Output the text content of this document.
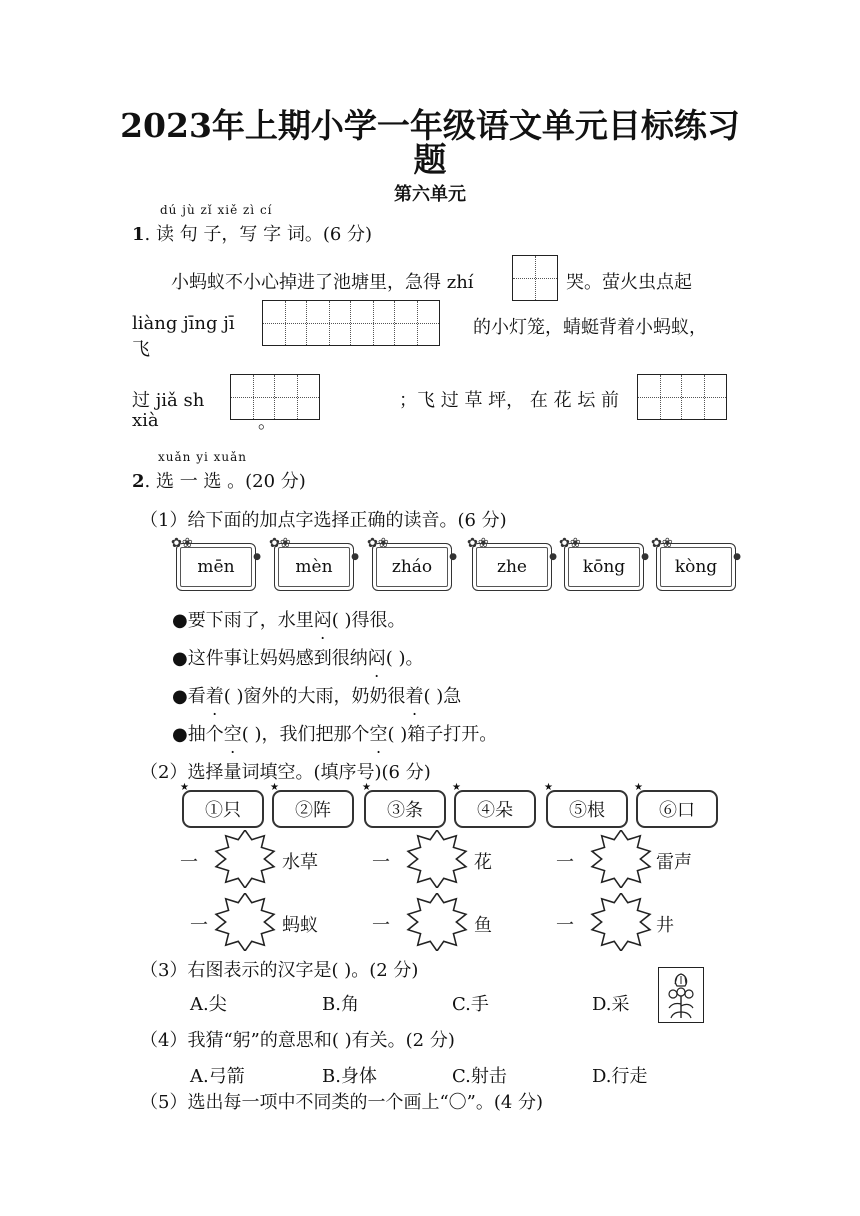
2023年上期小学一年级语文单元目标练习
题
第六单元
dú jù zǐ xiě zì cí
1. 读 句 子，写 字 词。(6 分)
小蚂蚁不小心掉进了池塘里，急得 zhí	哭。萤火虫点起
liàng jīng jī	的小灯笼，蜻蜓背着小蚂蚁，
飞
过 jiǎ sh	；飞 过 草 坪， 在 花 坛 前
xià	。
xuǎn yi xuǎn
2. 选 一 选 。(20 分)
（1）给下面的加点字选择正确的读音。(6 分)
✿❀
●
mēn
✿❀
●
mèn
✿❀
●
zháo
✿❀
●
zhe
✿❀
●
kōng
✿❀
●
kòng
●要下雨了，水里闷( )得很。
●这件事让妈妈感到很纳闷( )。
●看着( )窗外的大雨，奶奶很着( )急
●抽个空( )，我们把那个空( )箱子打开。
（2）选择量词填空。(填序号)(6 分)
★
①只
★
②阵
★
③条
★
④朵
★
⑤根
★
⑥口
一	水草	一	花	一	雷声
一	蚂蚁	一	鱼	一	井
（3）右图表示的汉字是( )。(2 分)
A.尖	B.角	C.手	D.采
（4）我猜“躬”的意思和( )有关。(2 分)
A.弓箭	B.身体	C.射击	D.行走
（5）选出每一项中不同类的一个画上“〇”。(4 分)
